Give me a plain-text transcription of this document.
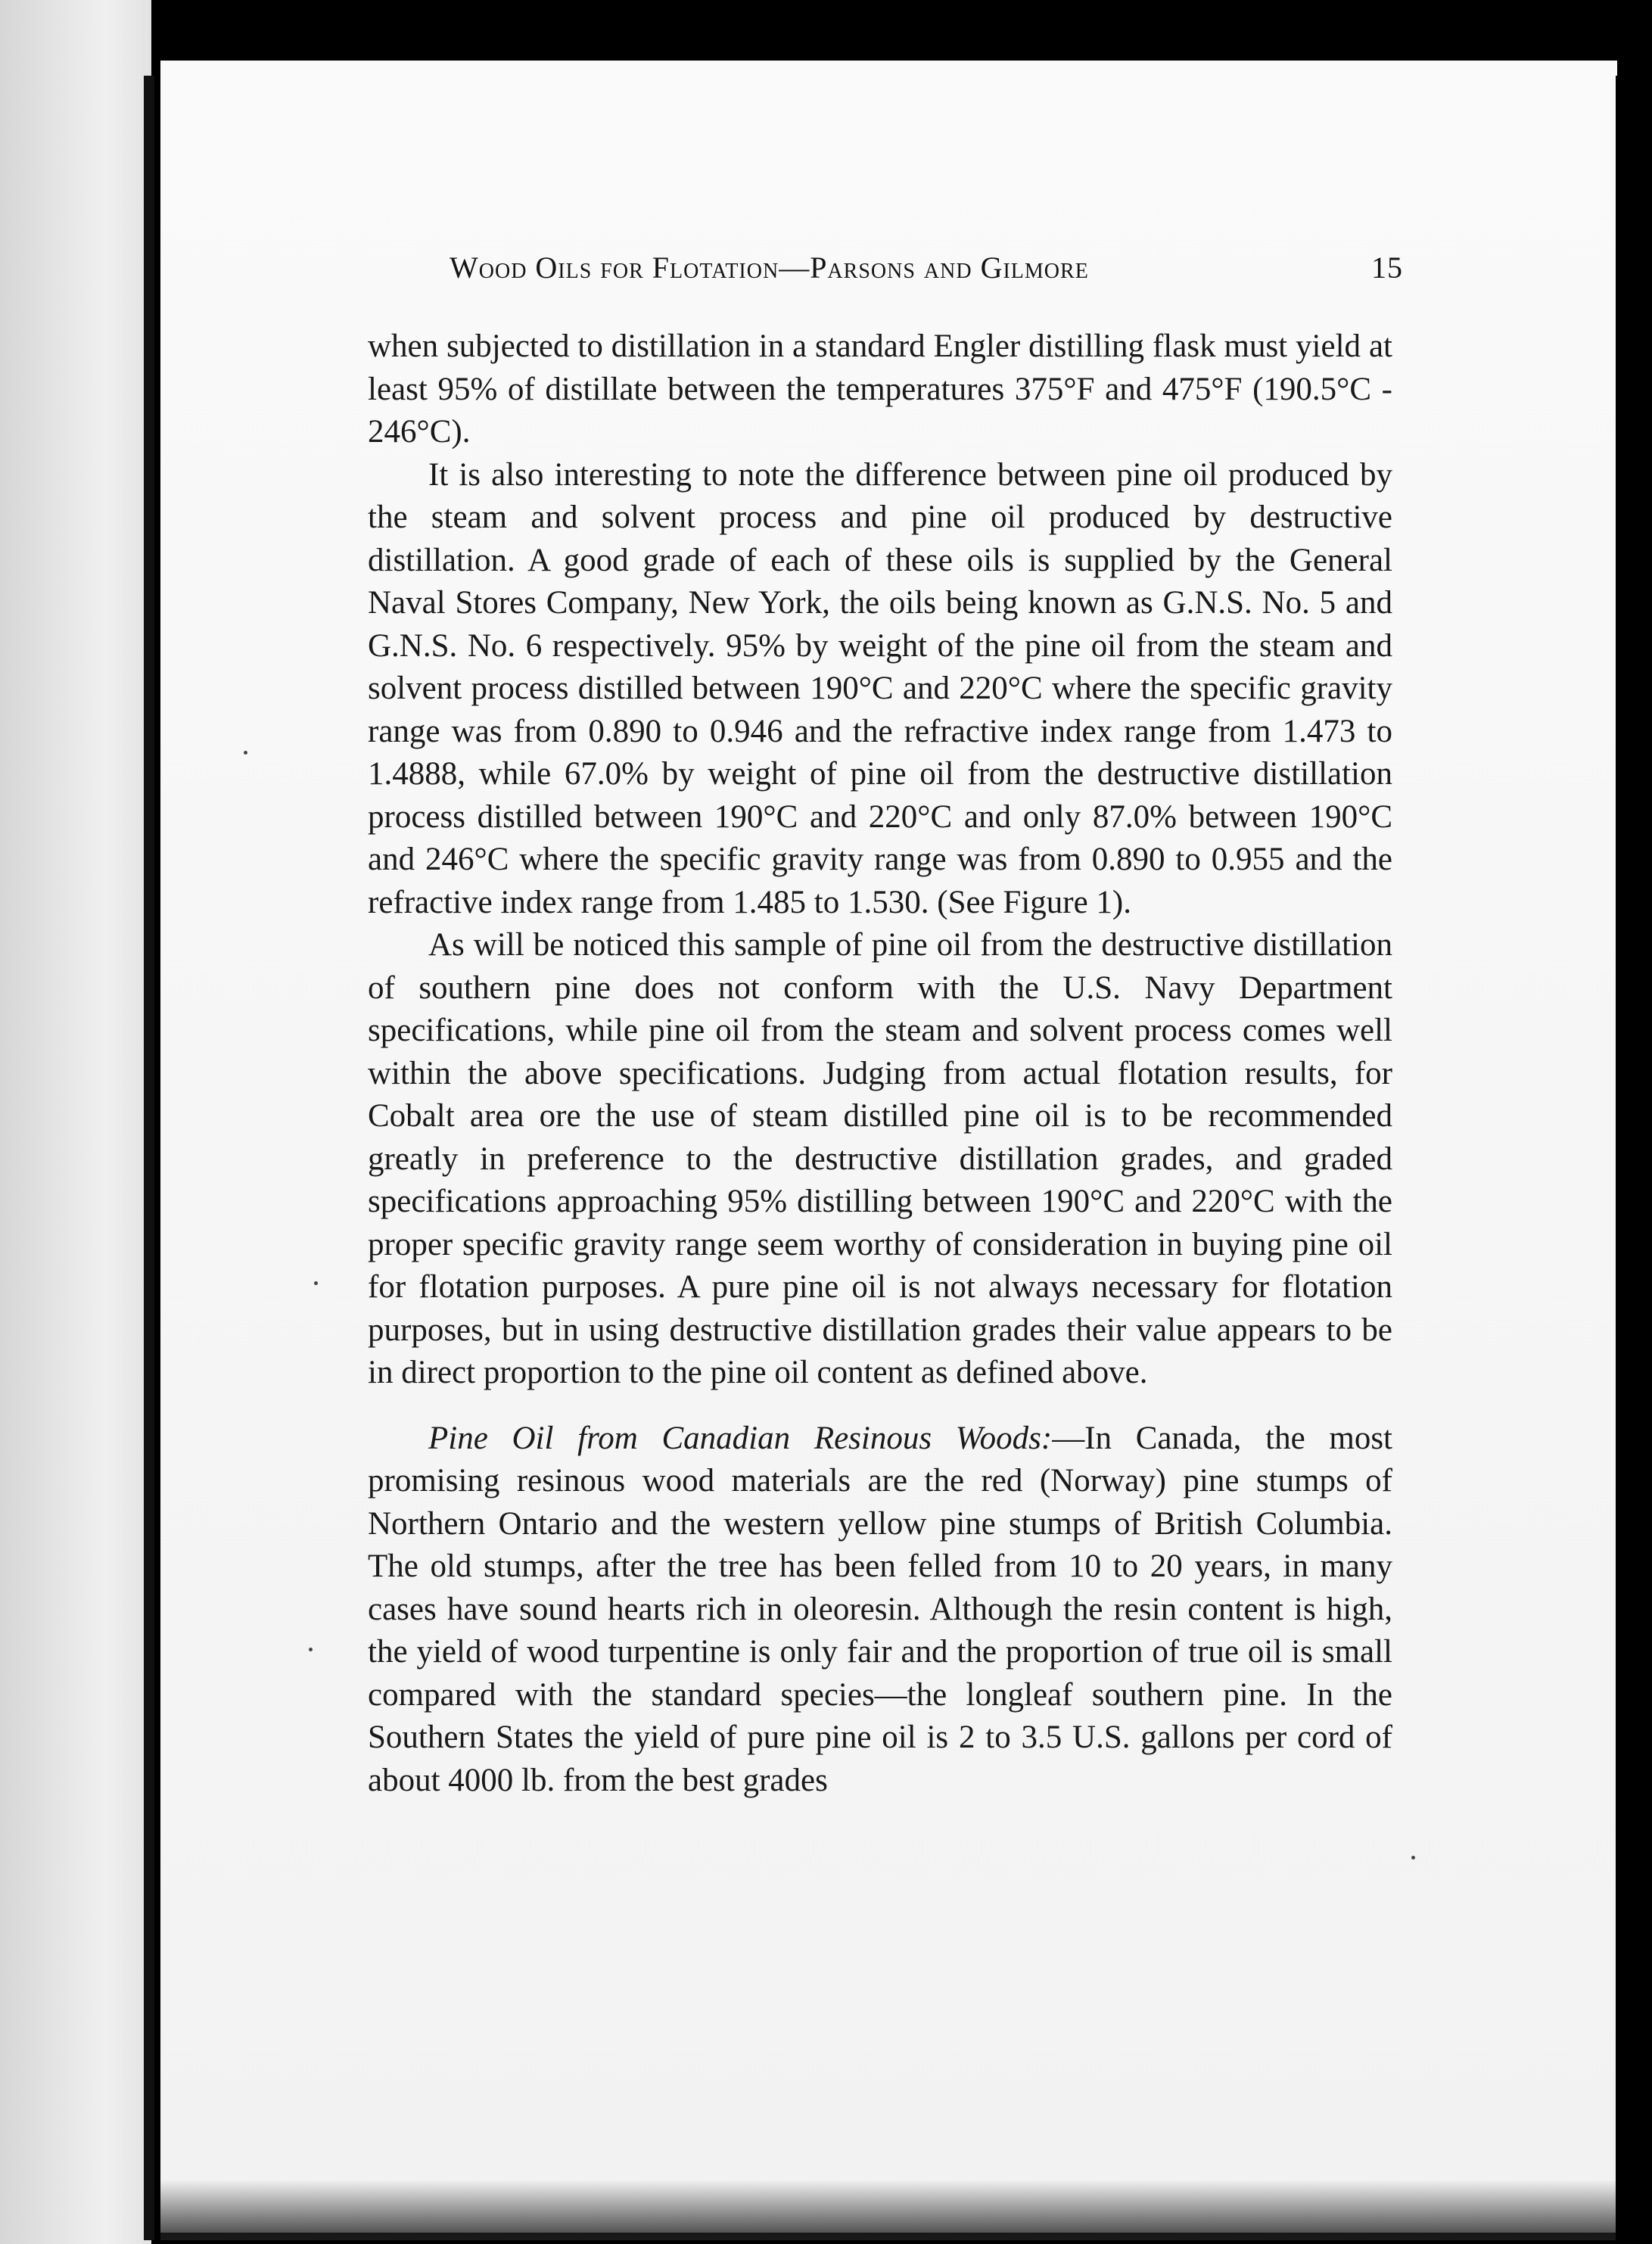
Wood Oils for Flotation—Parsons and Gilmore	15

when subjected to distillation in a standard Engler distilling flask must yield at least 95% of distillate between the temperatures 375°F and 475°F (190.5°C - 246°C).

It is also interesting to note the difference between pine oil produced by the steam and solvent process and pine oil produced by destructive distillation. A good grade of each of these oils is supplied by the General Naval Stores Company, New York, the oils being known as G.N.S. No. 5 and G.N.S. No. 6 respectively. 95% by weight of the pine oil from the steam and solvent process distilled between 190°C and 220°C where the specific gravity range was from 0.890 to 0.946 and the refractive index range from 1.473 to 1.4888, while 67.0% by weight of pine oil from the destructive distillation process distilled between 190°C and 220°C and only 87.0% between 190°C and 246°C where the specific gravity range was from 0.890 to 0.955 and the refractive index range from 1.485 to 1.530. (See Figure 1).

As will be noticed this sample of pine oil from the destructive distillation of southern pine does not conform with the U.S. Navy Department specifications, while pine oil from the steam and solvent process comes well within the above specifications. Judging from actual flotation results, for Cobalt area ore the use of steam distilled pine oil is to be recommended greatly in preference to the destructive distillation grades, and graded specifications approaching 95% distilling between 190°C and 220°C with the proper specific gravity range seem worthy of consideration in buying pine oil for flotation purposes. A pure pine oil is not always necessary for flotation purposes, but in using destructive distillation grades their value appears to be in direct proportion to the pine oil content as defined above.

Pine Oil from Canadian Resinous Woods:—In Canada, the most promising resinous wood materials are the red (Norway) pine stumps of Northern Ontario and the western yellow pine stumps of British Columbia. The old stumps, after the tree has been felled from 10 to 20 years, in many cases have sound hearts rich in oleoresin. Although the resin content is high, the yield of wood turpentine is only fair and the proportion of true oil is small compared with the standard species—the longleaf southern pine. In the Southern States the yield of pure pine oil is 2 to 3.5 U.S. gallons per cord of about 4000 lb. from the best grades
